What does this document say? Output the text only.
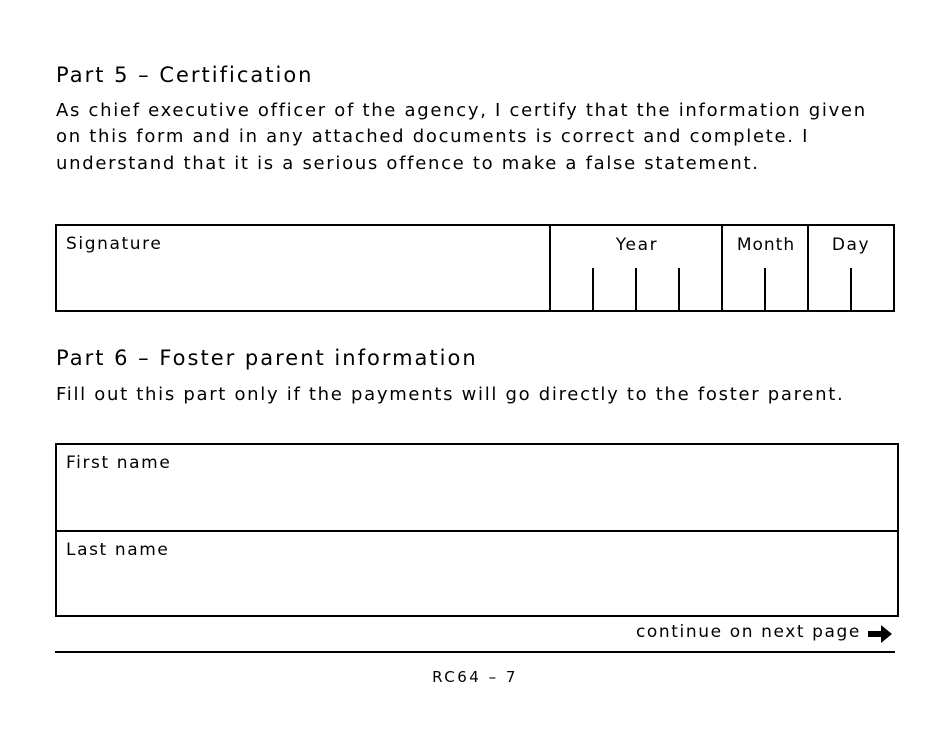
Part 5 – Certification
As chief executive officer of the agency, I certify that the information given on this form and in any attached documents is correct and complete. I understand that it is a serious offence to make a false statement.
Signature	Year	Month	Day
Part 6 – Foster parent information
Fill out this part only if the payments will go directly to the foster parent.
First name
Last name
continue on next page
RC64 – 7
